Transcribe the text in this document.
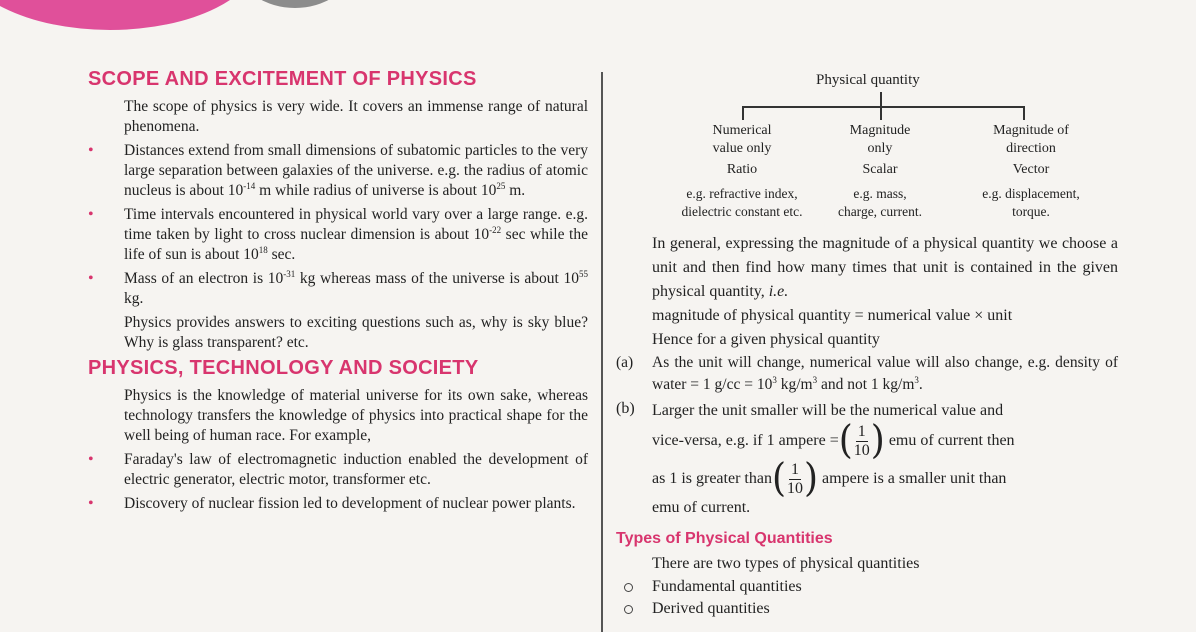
SCOPE AND EXCITEMENT OF PHYSICS

The scope of physics is very wide. It covers an immense range of natural phenomena.

• Distances extend from small dimensions of subatomic particles to the very large separation between galaxies of the universe. e.g. the radius of atomic nucleus is about $10^{-14}$ m while radius of universe is about $10^{25}$ m.

• Time intervals encountered in physical world vary over a large range. e.g. time taken by light to cross nuclear dimension is about $10^{-22}$ sec while the life of sun is about $10^{18}$ sec.

• Mass of an electron is $10^{-31}$ kg whereas mass of the universe is about $10^{55}$ kg.

Physics provides answers to exciting questions such as, why is sky blue? Why is glass transparent? etc.

PHYSICS, TECHNOLOGY AND SOCIETY

Physics is the knowledge of material universe for its own sake, whereas technology transfers the knowledge of physics into practical shape for the well being of human race. For example,

• Faraday's law of electromagnetic induction enabled the development of electric generator, electric motor, transformer etc.

• Discovery of nuclear fission led to development of nuclear power plants.

Physical quantity
Numerical
value only
Ratio
e.g. refractive index,
dielectric constant etc.
Magnitude
only
Scalar
e.g. mass,
charge, current.
Magnitude of
direction
Vector
e.g. displacement,
torque.

In general, expressing the magnitude of a physical quantity we choose a unit and then find how many times that unit is contained in the given physical quantity, i.e.

magnitude of physical quantity = numerical value × unit

Hence for a given physical quantity

(a) As the unit will change, numerical value will also change, e.g. density of water = 1 $g/cc = 10^3$ $kg/m^3$ and not 1 $kg/m^3$.

(b) Larger the unit smaller will be the numerical value and
vice-versa, e.g. if 1 ampere = ( $\frac{1}{10}$ ) emu of current then
as 1 is greater than ( $\frac{1}{10}$ ) ampere is a smaller unit than
emu of current.
Types of Physical Quantities

There are two types of physical quantities

Fundamental quantities
Derived quantities
